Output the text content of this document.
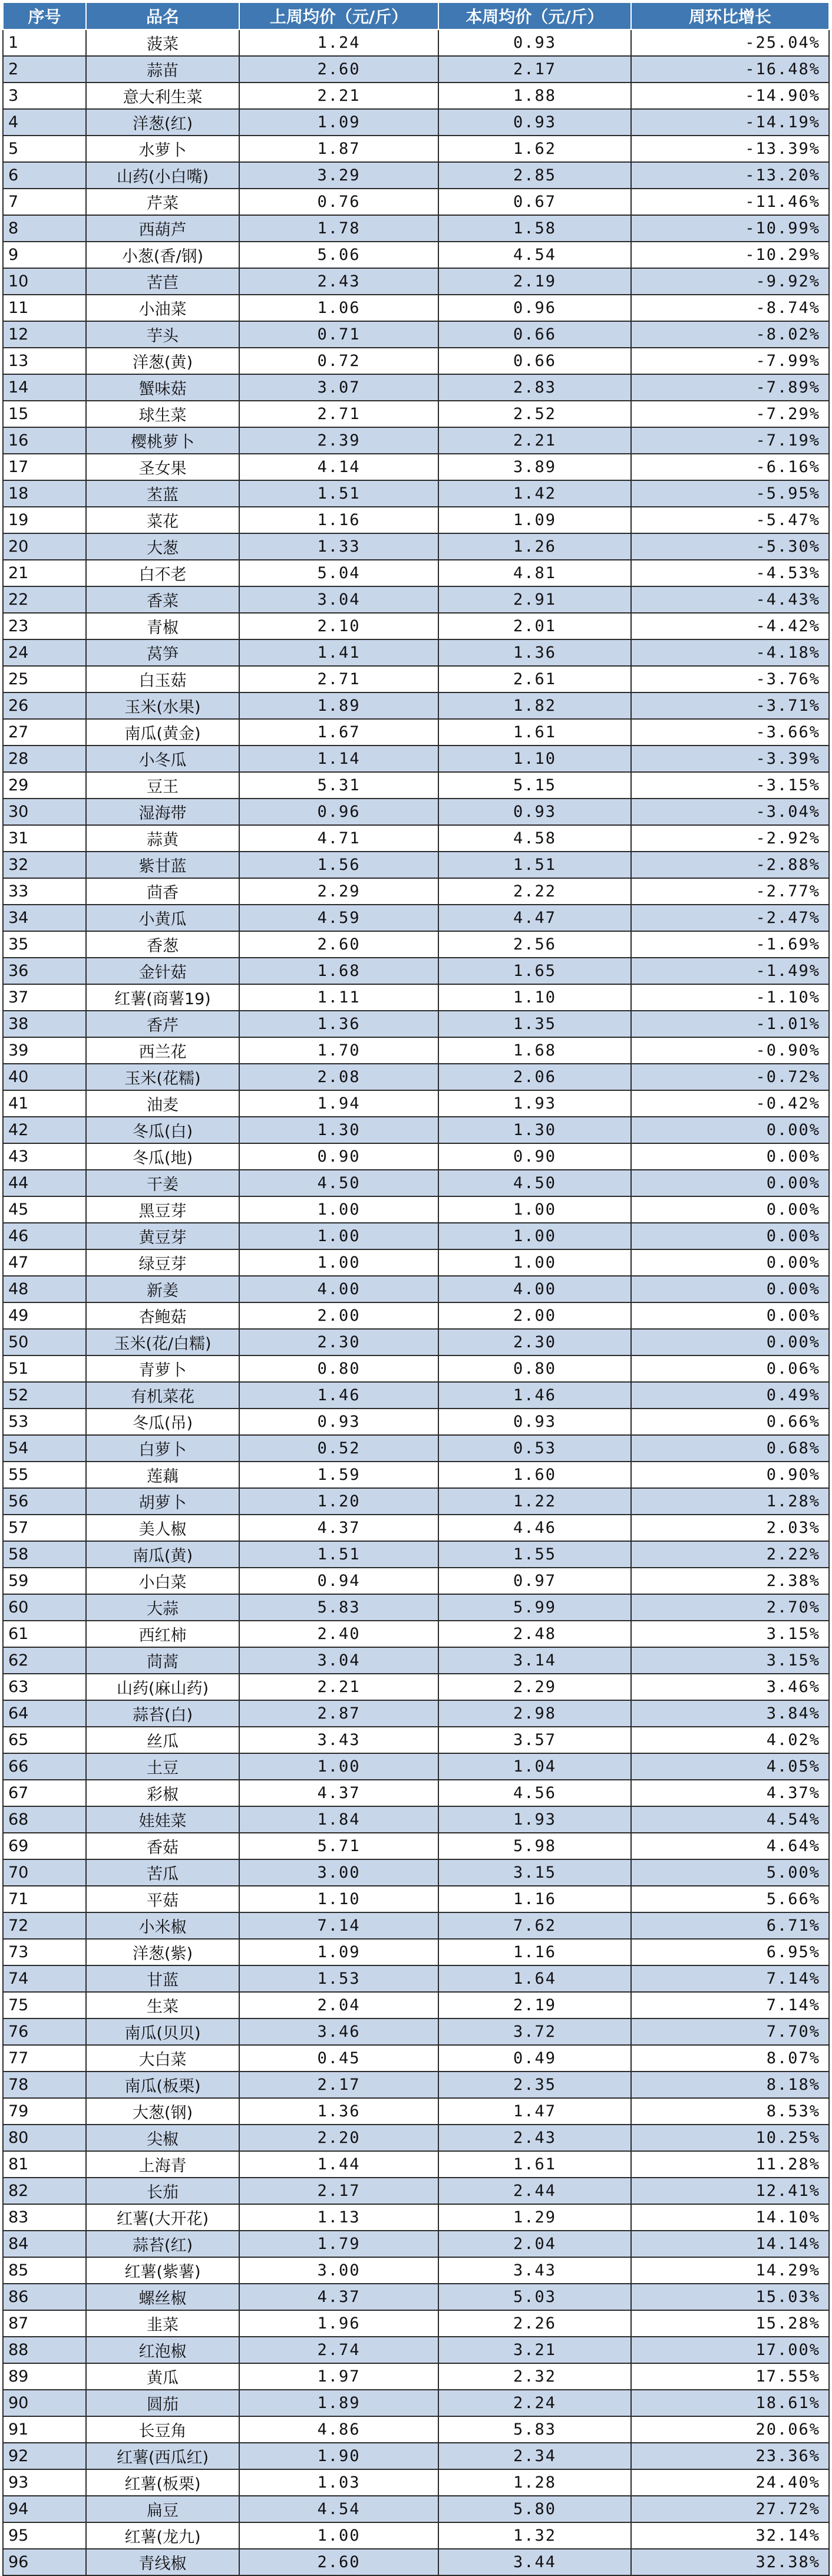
序号	品名	上周均价（元/斤）	本周均价（元/斤）	周环比增长
1	菠菜	1.24	0.93	-25.04%
2	蒜苗	2.60	2.17	-16.48%
3	意大利生菜	2.21	1.88	-14.90%
4	洋葱(红)	1.09	0.93	-14.19%
5	水萝卜	1.87	1.62	-13.39%
6	山药(小白嘴)	3.29	2.85	-13.20%
7	芹菜	0.76	0.67	-11.46%
8	西葫芦	1.78	1.58	-10.99%
9	小葱(香/钢)	5.06	4.54	-10.29%
10	苦苣	2.43	2.19	-9.92%
11	小油菜	1.06	0.96	-8.74%
12	芋头	0.71	0.66	-8.02%
13	洋葱(黄)	0.72	0.66	-7.99%
14	蟹味菇	3.07	2.83	-7.89%
15	球生菜	2.71	2.52	-7.29%
16	樱桃萝卜	2.39	2.21	-7.19%
17	圣女果	4.14	3.89	-6.16%
18	苤蓝	1.51	1.42	-5.95%
19	菜花	1.16	1.09	-5.47%
20	大葱	1.33	1.26	-5.30%
21	白不老	5.04	4.81	-4.53%
22	香菜	3.04	2.91	-4.43%
23	青椒	2.10	2.01	-4.42%
24	莴笋	1.41	1.36	-4.18%
25	白玉菇	2.71	2.61	-3.76%
26	玉米(水果)	1.89	1.82	-3.71%
27	南瓜(黄金)	1.67	1.61	-3.66%
28	小冬瓜	1.14	1.10	-3.39%
29	豆王	5.31	5.15	-3.15%
30	湿海带	0.96	0.93	-3.04%
31	蒜黄	4.71	4.58	-2.92%
32	紫甘蓝	1.56	1.51	-2.88%
33	茴香	2.29	2.22	-2.77%
34	小黄瓜	4.59	4.47	-2.47%
35	香葱	2.60	2.56	-1.69%
36	金针菇	1.68	1.65	-1.49%
37	红薯(商薯19)	1.11	1.10	-1.10%
38	香芹	1.36	1.35	-1.01%
39	西兰花	1.70	1.68	-0.90%
40	玉米(花糯)	2.08	2.06	-0.72%
41	油麦	1.94	1.93	-0.42%
42	冬瓜(白)	1.30	1.30	0.00%
43	冬瓜(地)	0.90	0.90	0.00%
44	干姜	4.50	4.50	0.00%
45	黑豆芽	1.00	1.00	0.00%
46	黄豆芽	1.00	1.00	0.00%
47	绿豆芽	1.00	1.00	0.00%
48	新姜	4.00	4.00	0.00%
49	杏鲍菇	2.00	2.00	0.00%
50	玉米(花/白糯)	2.30	2.30	0.00%
51	青萝卜	0.80	0.80	0.06%
52	有机菜花	1.46	1.46	0.49%
53	冬瓜(吊)	0.93	0.93	0.66%
54	白萝卜	0.52	0.53	0.68%
55	莲藕	1.59	1.60	0.90%
56	胡萝卜	1.20	1.22	1.28%
57	美人椒	4.37	4.46	2.03%
58	南瓜(黄)	1.51	1.55	2.22%
59	小白菜	0.94	0.97	2.38%
60	大蒜	5.83	5.99	2.70%
61	西红柿	2.40	2.48	3.15%
62	茼蒿	3.04	3.14	3.15%
63	山药(麻山药)	2.21	2.29	3.46%
64	蒜苔(白)	2.87	2.98	3.84%
65	丝瓜	3.43	3.57	4.02%
66	土豆	1.00	1.04	4.05%
67	彩椒	4.37	4.56	4.37%
68	娃娃菜	1.84	1.93	4.54%
69	香菇	5.71	5.98	4.64%
70	苦瓜	3.00	3.15	5.00%
71	平菇	1.10	1.16	5.66%
72	小米椒	7.14	7.62	6.71%
73	洋葱(紫)	1.09	1.16	6.95%
74	甘蓝	1.53	1.64	7.14%
75	生菜	2.04	2.19	7.14%
76	南瓜(贝贝)	3.46	3.72	7.70%
77	大白菜	0.45	0.49	8.07%
78	南瓜(板栗)	2.17	2.35	8.18%
79	大葱(钢)	1.36	1.47	8.53%
80	尖椒	2.20	2.43	10.25%
81	上海青	1.44	1.61	11.28%
82	长茄	2.17	2.44	12.41%
83	红薯(大开花)	1.13	1.29	14.10%
84	蒜苔(红)	1.79	2.04	14.14%
85	红薯(紫薯)	3.00	3.43	14.29%
86	螺丝椒	4.37	5.03	15.03%
87	韭菜	1.96	2.26	15.28%
88	红泡椒	2.74	3.21	17.00%
89	黄瓜	1.97	2.32	17.55%
90	圆茄	1.89	2.24	18.61%
91	长豆角	4.86	5.83	20.06%
92	红薯(西瓜红)	1.90	2.34	23.36%
93	红薯(板栗)	1.03	1.28	24.40%
94	扁豆	4.54	5.80	27.72%
95	红薯(龙九)	1.00	1.32	32.14%
96	青线椒	2.60	3.44	32.38%
